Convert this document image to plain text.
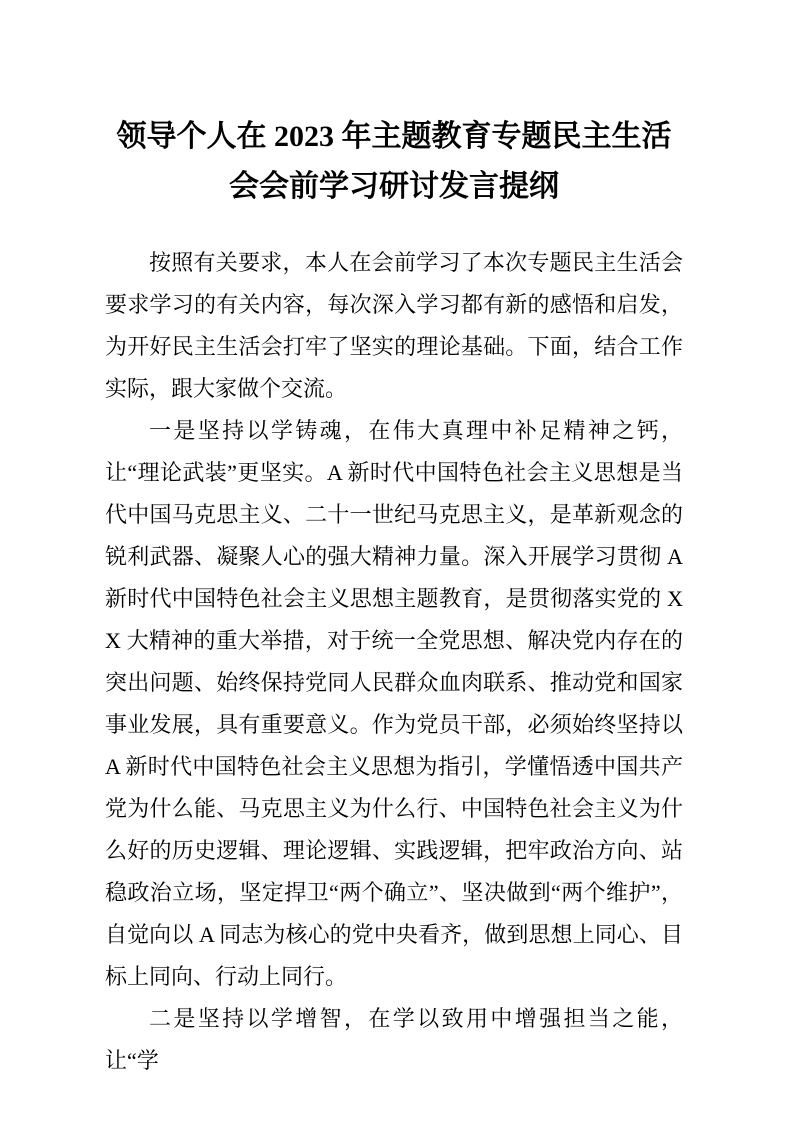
领导个人在 2023 年主题教育专题民主生活
会会前学习研讨发言提纲

按照有关要求，本人在会前学习了本次专题民主生活会要求学习的有关内容，每次深入学习都有新的感悟和启发，为开好民主生活会打牢了坚实的理论基础。下面，结合工作实际，跟大家做个交流。

一是坚持以学铸魂，在伟大真理中补足精神之钙，让“理论武装”更坚实。A 新时代中国特色社会主义思想是当代中国马克思主义、二十一世纪马克思主义，是革新观念的锐利武器、凝聚人心的强大精神力量。深入开展学习贯彻 A 新时代中国特色社会主义思想主题教育，是贯彻落实党的 XX 大精神的重大举措，对于统一全党思想、解决党内存在的突出问题、始终保持党同人民群众血肉联系、推动党和国家事业发展，具有重要意义。作为党员干部，必须始终坚持以 A 新时代中国特色社会主义思想为指引，学懂悟透中国共产党为什么能、马克思主义为什么行、中国特色社会主义为什么好的历史逻辑、理论逻辑、实践逻辑，把牢政治方向、站稳政治立场，坚定捍卫“两个确立”、坚决做到“两个维护”，自觉向以 A 同志为核心的党中央看齐，做到思想上同心、目标上同向、行动上同行。

二是坚持以学增智，在学以致用中增强担当之能，让“学
